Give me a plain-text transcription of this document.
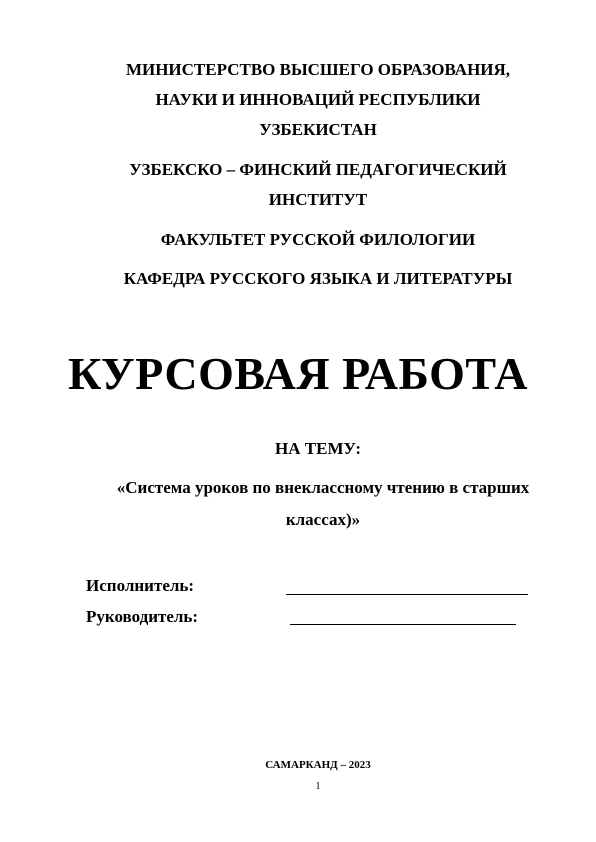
МИНИСТЕРСТВО ВЫСШЕГО ОБРАЗОВАНИЯ,
НАУКИ И ИННОВАЦИЙ РЕСПУБЛИКИ
УЗБЕКИСТАН
УЗБЕКСКО – ФИНСКИЙ ПЕДАГОГИЧЕСКИЙ
ИНСТИТУТ
ФАКУЛЬТЕТ РУССКОЙ ФИЛОЛОГИИ
КАФЕДРА РУССКОГО ЯЗЫКА И ЛИТЕРАТУРЫ
КУРСОВАЯ РАБОТА
НА ТЕМУ:
«Система уроков по внеклассному чтению в старших
классах)»
Исполнитель:
Руководитель:
САМАРКАНД – 2023
1
